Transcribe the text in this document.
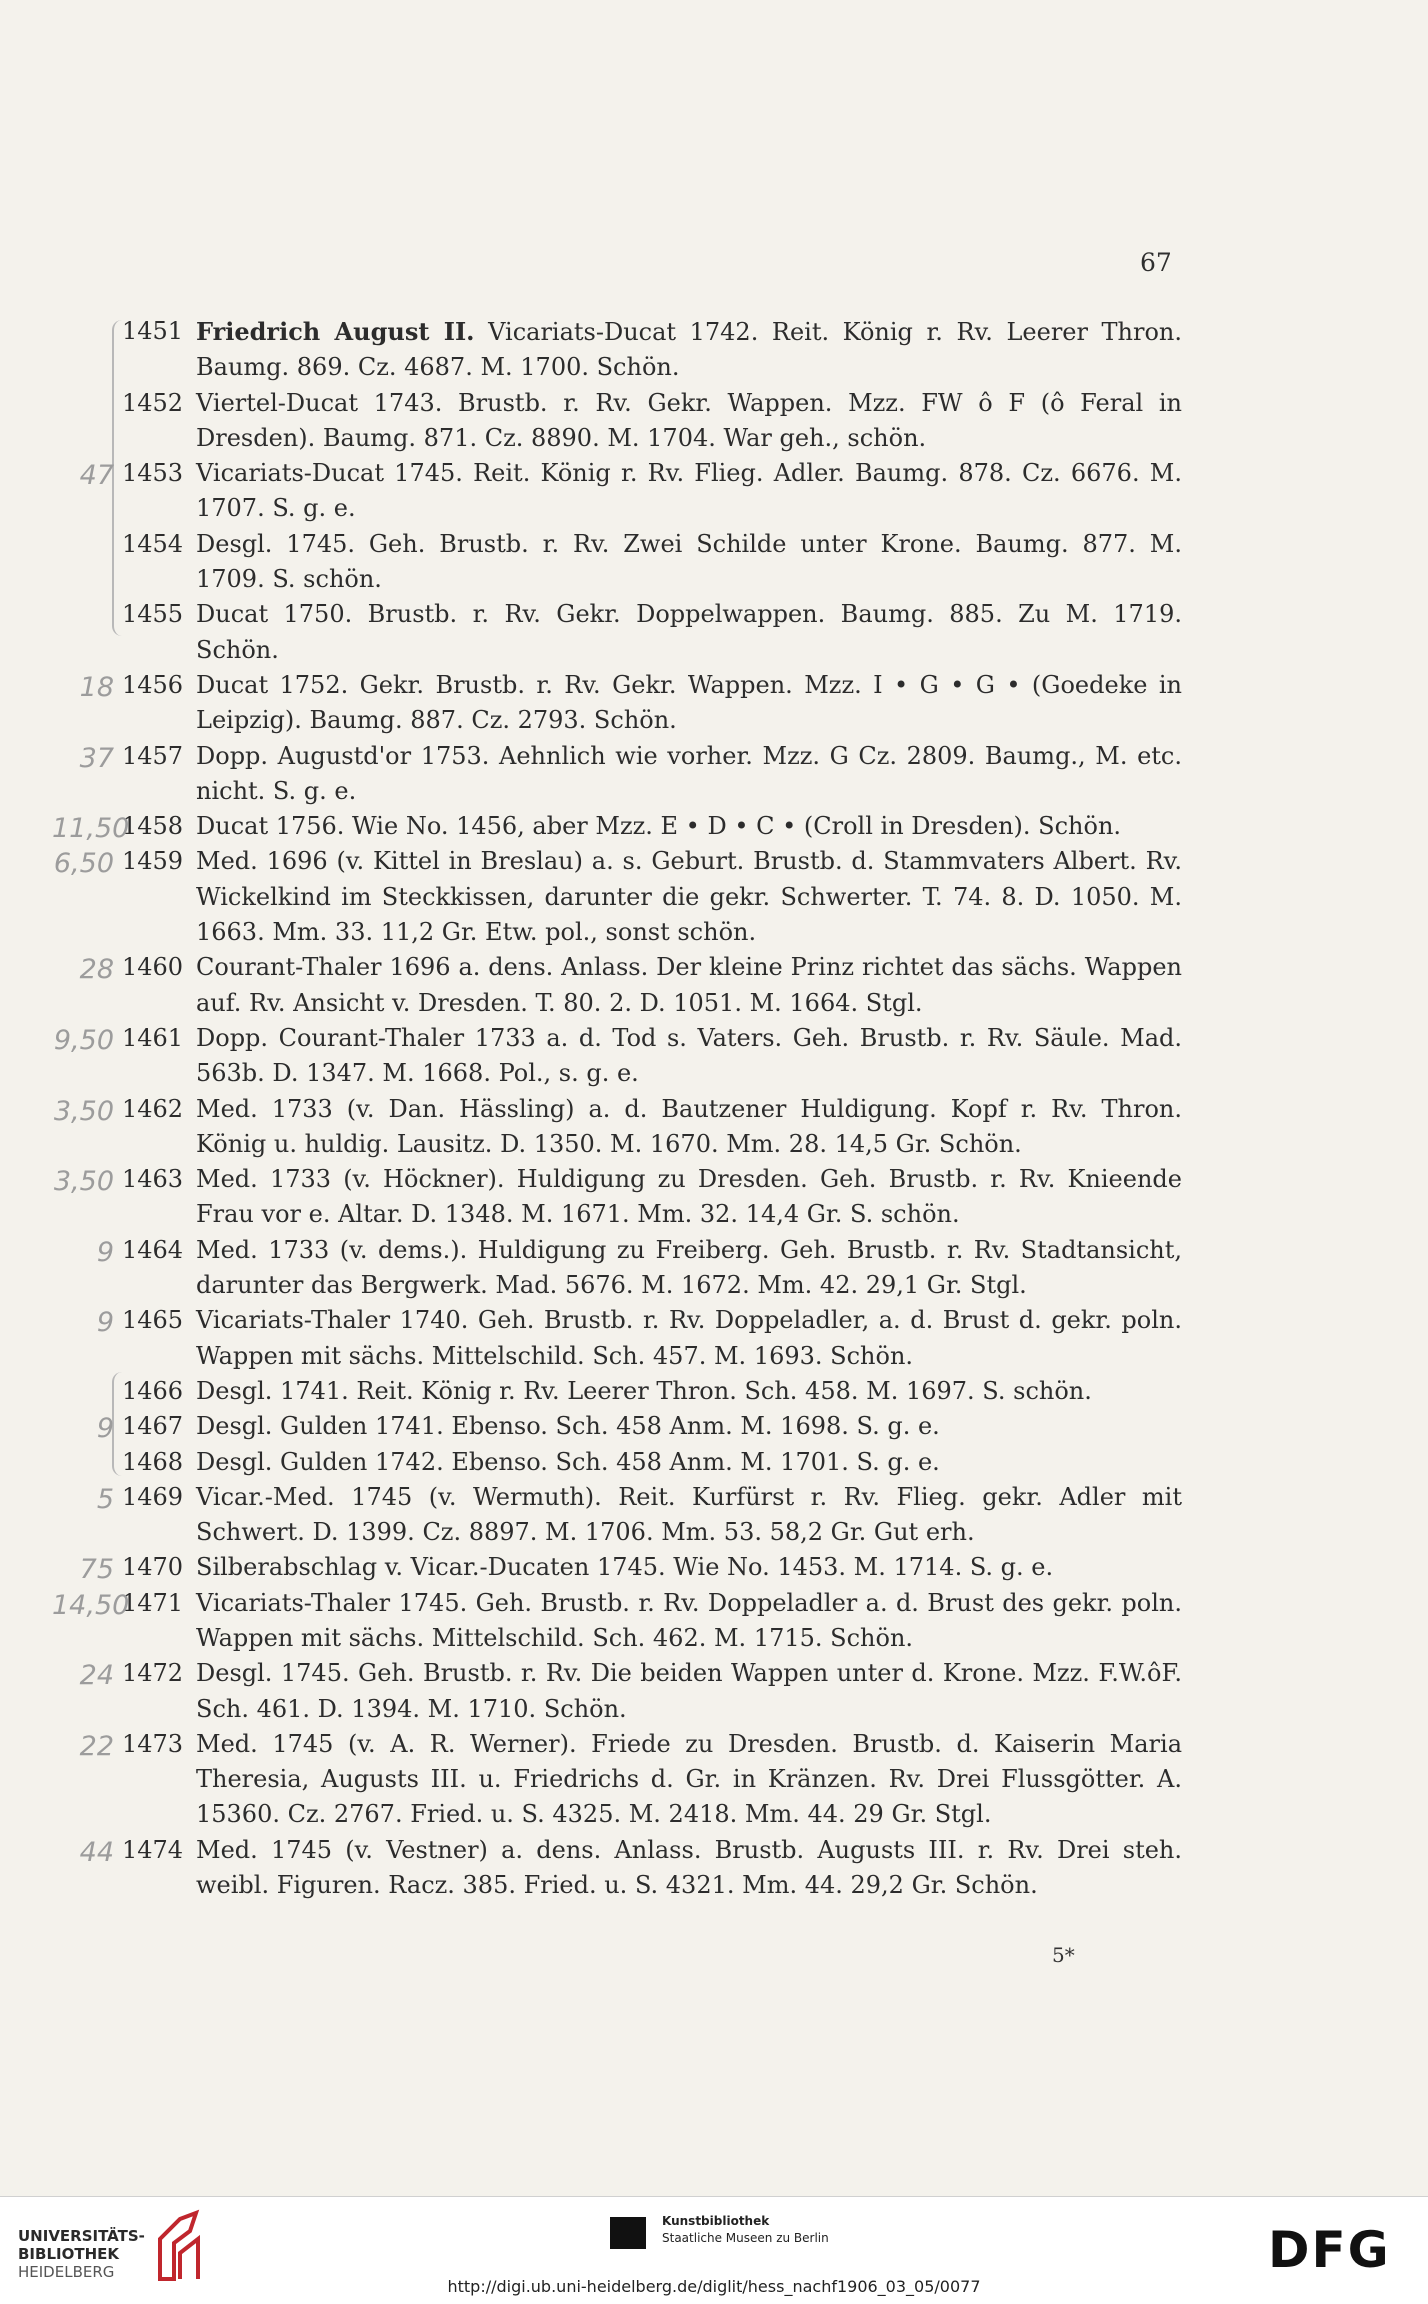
67
1451 Friedrich August II. Vicariats-Ducat 1742. Reit. König r. Rv. Leerer Thron. Baumg. 869. Cz. 4687. M. 1700. Schön.
1452 Viertel-Ducat 1743. Brustb. r. Rv. Gekr. Wappen. Mzz. FW ô F (ô Feral in Dresden). Baumg. 871. Cz. 8890. M. 1704. War geh., schön.
47 1453 Vicariats-Ducat 1745. Reit. König r. Rv. Flieg. Adler. Baumg. 878. Cz. 6676. M. 1707. S. g. e.
1454 Desgl. 1745. Geh. Brustb. r. Rv. Zwei Schilde unter Krone. Baumg. 877. M. 1709. S. schön.
1455 Ducat 1750. Brustb. r. Rv. Gekr. Doppelwappen. Baumg. 885. Zu M. 1719. Schön.
18 1456 Ducat 1752. Gekr. Brustb. r. Rv. Gekr. Wappen. Mzz. I • G • G • (Goedeke in Leipzig). Baumg. 887. Cz. 2793. Schön.
37 1457 Dopp. Augustd'or 1753. Aehnlich wie vorher. Mzz. G Cz. 2809. Baumg., M. etc. nicht. S. g. e.
11,50
1458 Ducat 1756. Wie No. 1456, aber Mzz. E • D • C • (Croll in Dresden). Schön.
6,50 1459 Med. 1696 (v. Kittel in Breslau) a. s. Geburt. Brustb. d. Stammvaters Albert. Rv. Wickelkind im Steckkissen, darunter die gekr. Schwerter. T. 74. 8. D. 1050. M. 1663. Mm. 33. 11,2 Gr. Etw. pol., sonst schön.
28 1460 Courant-Thaler 1696 a. dens. Anlass. Der kleine Prinz richtet das sächs. Wappen auf. Rv. Ansicht v. Dresden. T. 80. 2. D. 1051. M. 1664. Stgl.
9,50 1461 Dopp. Courant-Thaler 1733 a. d. Tod s. Vaters. Geh. Brustb. r. Rv. Säule. Mad. 563b. D. 1347. M. 1668. Pol., s. g. e.
3,50 1462 Med. 1733 (v. Dan. Hässling) a. d. Bautzener Huldigung. Kopf r. Rv. Thron. König u. huldig. Lausitz. D. 1350. M. 1670. Mm. 28. 14,5 Gr. Schön.
3,50 1463 Med. 1733 (v. Höckner). Huldigung zu Dresden. Geh. Brustb. r. Rv. Knieende Frau vor e. Altar. D. 1348. M. 1671. Mm. 32. 14,4 Gr. S. schön.
9 1464 Med. 1733 (v. dems.). Huldigung zu Freiberg. Geh. Brustb. r. Rv. Stadtansicht, darunter das Bergwerk. Mad. 5676. M. 1672. Mm. 42. 29,1 Gr. Stgl.
9 1465 Vicariats-Thaler 1740. Geh. Brustb. r. Rv. Doppeladler, a. d. Brust d. gekr. poln. Wappen mit sächs. Mittelschild. Sch. 457. M. 1693. Schön.
1466 Desgl. 1741. Reit. König r. Rv. Leerer Thron. Sch. 458. M. 1697. S. schön.
9 1467 Desgl. Gulden 1741. Ebenso. Sch. 458 Anm. M. 1698. S. g. e.
1468 Desgl. Gulden 1742. Ebenso. Sch. 458 Anm. M. 1701. S. g. e.
5 1469 Vicar.-Med. 1745 (v. Wermuth). Reit. Kurfürst r. Rv. Flieg. gekr. Adler mit Schwert. D. 1399. Cz. 8897. M. 1706. Mm. 53. 58,2 Gr. Gut erh.
75 1470 Silberabschlag v. Vicar.-Ducaten 1745. Wie No. 1453. M. 1714. S. g. e.
14,50
1471 Vicariats-Thaler 1745. Geh. Brustb. r. Rv. Doppeladler a. d. Brust des gekr. poln. Wappen mit sächs. Mittelschild. Sch. 462. M. 1715. Schön.
24 1472 Desgl. 1745. Geh. Brustb. r. Rv. Die beiden Wappen unter d. Krone. Mzz. F.W.ôF. Sch. 461. D. 1394. M. 1710. Schön.
22 1473 Med. 1745 (v. A. R. Werner). Friede zu Dresden. Brustb. d. Kaiserin Maria Theresia, Augusts III. u. Friedrichs d. Gr. in Kränzen. Rv. Drei Flussgötter. A. 15360. Cz. 2767. Fried. u. S. 4325. M. 2418. Mm. 44. 29 Gr. Stgl.
44 1474 Med. 1745 (v. Vestner) a. dens. Anlass. Brustb. Augusts III. r. Rv. Drei steh. weibl. Figuren. Racz. 385. Fried. u. S. 4321. Mm. 44. 29,2 Gr. Schön.
5*
UNIVERSITÄTS-
BIBLIOTHEK
HEIDELBERG
Kunstbibliothek
Staatliche Museen zu Berlin	DFG
http://digi.ub.uni-heidelberg.de/diglit/hess_nachf1906_03_05/0077
